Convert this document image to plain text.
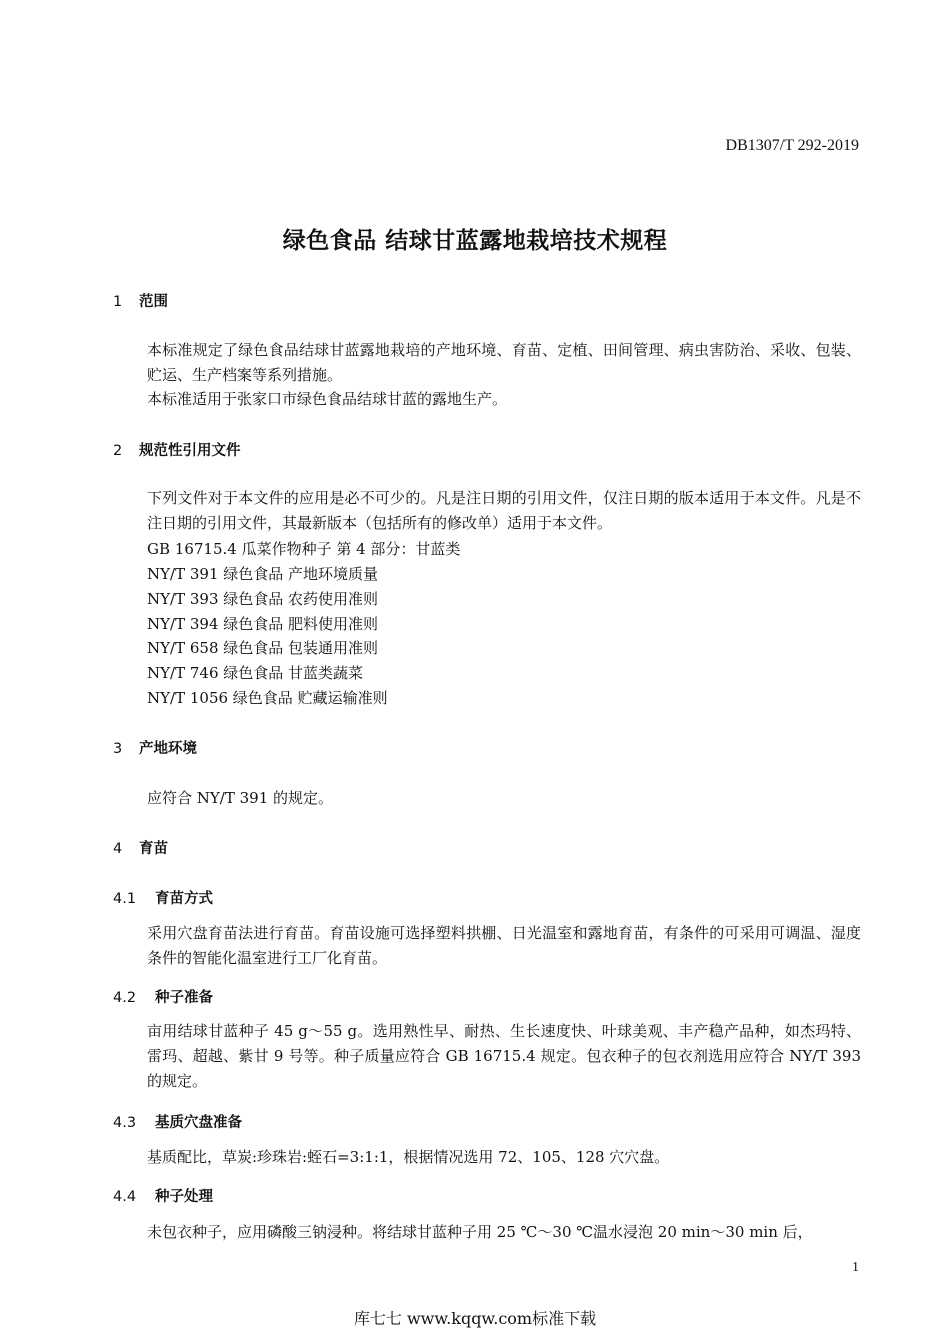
DB1307/T 292-2019
绿色食品 结球甘蓝露地栽培技术规程
1 范围
本标准规定了绿色食品结球甘蓝露地栽培的产地环境、育苗、定植、田间管理、病虫害防治、采收、包装、贮运、生产档案等系列措施。
本标准适用于张家口市绿色食品结球甘蓝的露地生产。
2 规范性引用文件
下列文件对于本文件的应用是必不可少的。凡是注日期的引用文件，仅注日期的版本适用于本文件。凡是不注日期的引用文件，其最新版本（包括所有的修改单）适用于本文件。
GB 16715.4 瓜菜作物种子 第 4 部分：甘蓝类
NY/T 391 绿色食品 产地环境质量
NY/T 393 绿色食品 农药使用准则
NY/T 394 绿色食品 肥料使用准则
NY/T 658 绿色食品 包装通用准则
NY/T 746 绿色食品 甘蓝类蔬菜
NY/T 1056 绿色食品 贮藏运输准则
3 产地环境
应符合 NY/T 391 的规定。
4 育苗
4.1 育苗方式
采用穴盘育苗法进行育苗。育苗设施可选择塑料拱棚、日光温室和露地育苗，有条件的可采用可调温、湿度条件的智能化温室进行工厂化育苗。
4.2 种子准备
亩用结球甘蓝种子 45 g～55 g。选用熟性早、耐热、生长速度快、叶球美观、丰产稳产品种，如杰玛特、雷玛、超越、紫甘 9 号等。种子质量应符合 GB 16715.4 规定。包衣种子的包衣剂选用应符合 NY/T 393 的规定。
4.3 基质穴盘准备
基质配比，草炭:珍珠岩:蛭石=3:1:1，根据情况选用 72、105、128 穴穴盘。
4.4 种子处理
未包衣种子，应用磷酸三钠浸种。将结球甘蓝种子用 25 ℃～30 ℃温水浸泡 20 min～30 min 后，
1
库七七 www.kqqw.com标准下载
